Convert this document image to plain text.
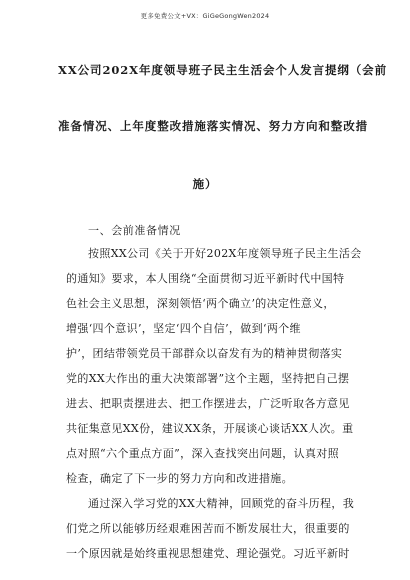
更多免费公文+VX：GiGeGongWen2024
XX公司202X年度领导班子民主生活会个人发言提纲（会前
准备情况、上年度整改措施落实情况、努力方向和整改措
施）
一、会前准备情况
按照XX公司《关于开好202X年度领导班子民主生活会
的通知》要求，本人围绕“全面贯彻习近平新时代中国特
色社会主义思想，深刻领悟‘两个确立’的决定性意义，
增强‘四个意识’，坚定‘四个自信’，做到‘两个维
护’，团结带领党员干部群众以奋发有为的精神贯彻落实
党的XX大作出的重大决策部署”这个主题，坚持把自己摆
进去、把职责摆进去、把工作摆进去，广泛听取各方意见
共征集意见XX份，建议XX条，开展谈心谈话XX人次。重
点对照“六个重点方面”，深入查找突出问题，认真对照
检查，确定了下一步的努力方向和改进措施。
通过深入学习党的XX大精神，回顾党的奋斗历程，我
们党之所以能够历经艰难困苦而不断发展壮大，很重要的
一个原因就是始终重视思想建党、理论强党。习近平新时
